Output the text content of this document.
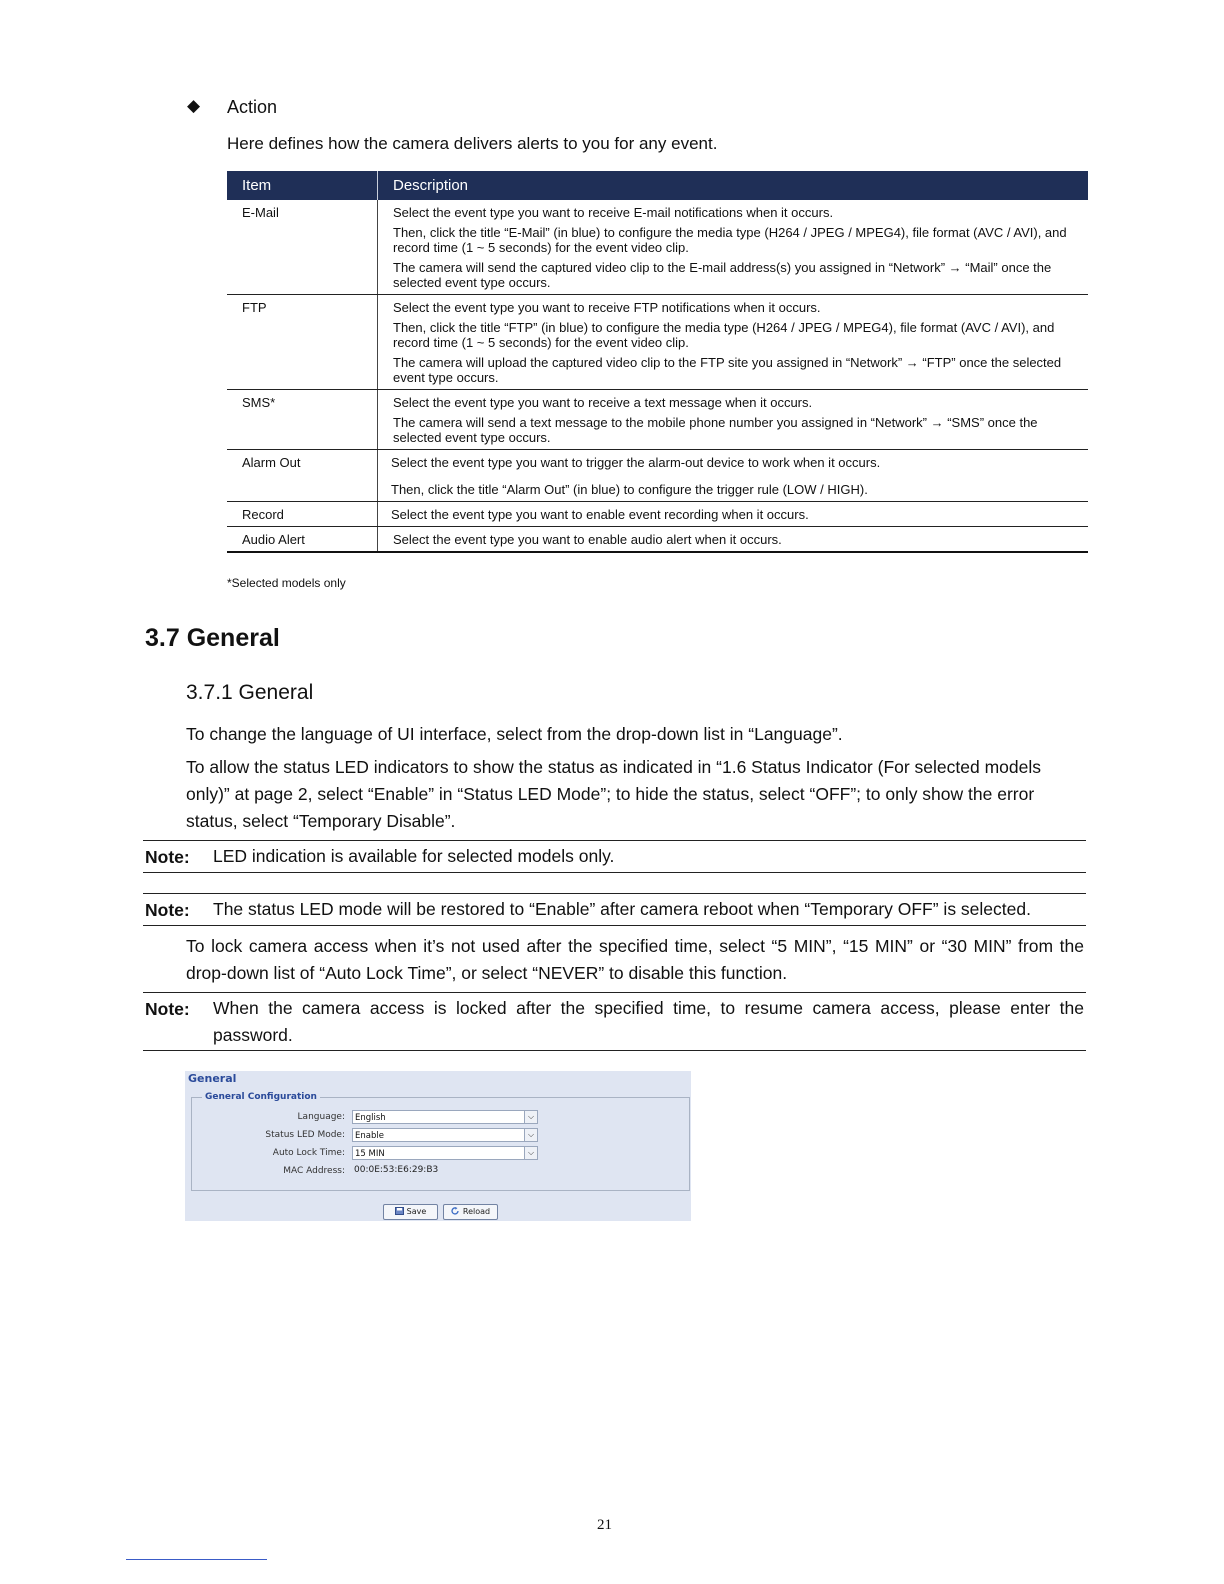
◆ Action
Here defines how the camera delivers alerts to you for any event.
Item	Description
E-Mail	Select the event type you want to receive E-mail notifications when it occurs.

Then, click the title “E-Mail” (in blue) to configure the media type (H264 / JPEG / MPEG4), file format (AVC / AVI), and record time (1 ~ 5 seconds) for the event video clip.

The camera will send the captured video clip to the E-mail address(s) you assigned in “Network” → “Mail” once the selected event type occurs.

FTP	Select the event type you want to receive FTP notifications when it occurs.

Then, click the title “FTP” (in blue) to configure the media type (H264 / JPEG / MPEG4), file format (AVC / AVI), and record time (1 ~ 5 seconds) for the event video clip.

The camera will upload the captured video clip to the FTP site you assigned in “Network” → “FTP” once the selected event type occurs.

SMS*	Select the event type you want to receive a text message when it occurs.

The camera will send a text message to the mobile phone number you assigned in “Network” → “SMS” once the selected event type occurs.

Alarm Out	Select the event type you want to trigger the alarm-out device to work when it occurs.

Then, click the title “Alarm Out” (in blue) to configure the trigger rule (LOW / HIGH).

Record	Select the event type you want to enable event recording when it occurs.

Audio Alert	Select the event type you want to enable audio alert when it occurs.

*Selected models only
3.7 General
3.7.1 General
To change the language of UI interface, select from the drop-down list in “Language”.
To allow the status LED indicators to show the status as indicated in “1.6 Status Indicator (For selected models only)” at page 2, select “Enable” in “Status LED Mode”; to hide the status, select “OFF”; to only show the error status, select “Temporary Disable”.
Note: LED indication is available for selected models only.
Note: The status LED mode will be restored to “Enable” after camera reboot when “Temporary OFF” is selected.
To lock camera access when it’s not used after the specified time, select “5 MIN”, “15 MIN” or “30 MIN” from the drop-down list of “Auto Lock Time”, or select “NEVER” to disable this function.
Note: When the camera access is locked after the specified time, to resume camera access, please enter the password.
General
General Configuration
Language:	English	⌵
Status LED Mode:	Enable	⌵
Auto Lock Time:	15 MIN	⌵
MAC Address: 00:0E:53:E6:29:B3
Save	Reload
21
